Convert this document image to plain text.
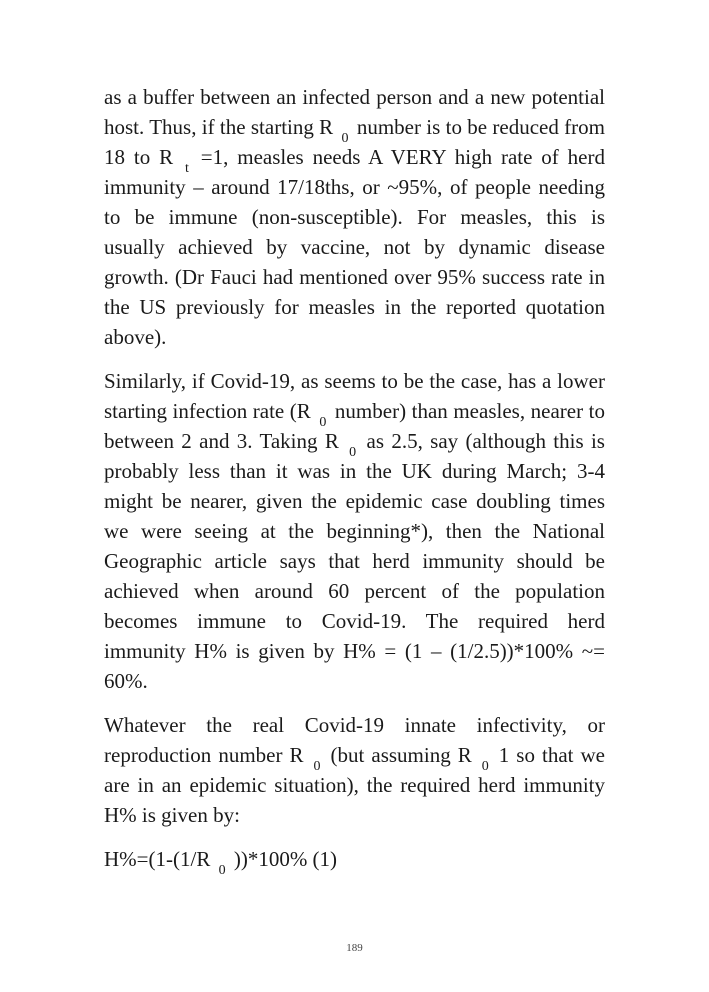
as a buffer between an infected person and a new potential host. Thus, if the starting R $_0$ number is to be reduced from 18 to R $_t$ =1, measles needs A VERY high rate of herd immunity – around 17/18ths, or ~95%, of people needing to be immune (non-susceptible). For measles, this is usually achieved by vaccine, not by dynamic disease growth. (Dr Fauci had mentioned over 95% success rate in the US previously for measles in the reported quotation above).

Similarly, if Covid-19, as seems to be the case, has a lower starting infection rate (R $_0$ number) than measles, nearer to between 2 and 3. Taking R $_0$ as 2.5, say (although this is probably less than it was in the UK during March; 3-4 might be nearer, given the epidemic case doubling times we were seeing at the beginning*), then the National Geographic article says that herd immunity should be achieved when around 60 percent of the population becomes immune to Covid-19. The required herd immunity H% is given by H% = (1 – (1/2.5))*100% ~= 60%.

Whatever the real Covid-19 innate infectivity, or reproduction number R $_0$ (but assuming R $_0$ 1 so that we are in an epidemic situation), the required herd immunity H% is given by:

H%=(1-(1/R $_0$ ))*100% (1)

189
